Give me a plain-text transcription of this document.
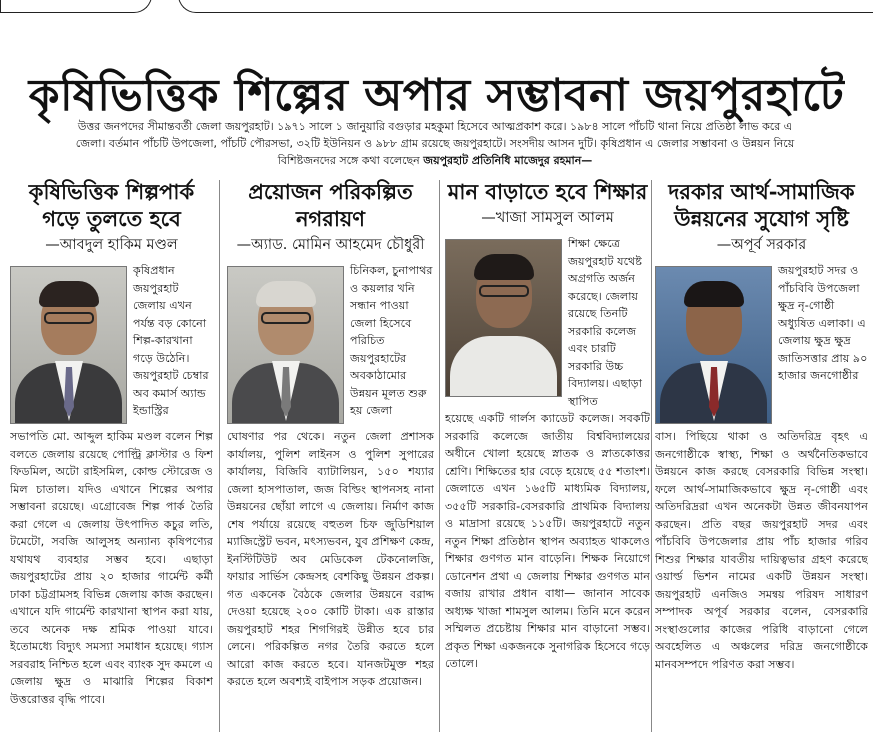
কৃষিভিত্তিক শিল্পের অপার সম্ভাবনা জয়পুরহাটে
উত্তর জনপদের সীমান্তবর্তী জেলা জয়পুরহাট। ১৯৭১ সালে ১ জানুয়ারি বগুড়ার মহকুমা হিসেবে আত্মপ্রকাশ করে। ১৯৮৪ সালে পাঁচটি থানা নিয়ে প্রতিষ্ঠা লাভ করে এ জেলা। বর্তমান পাঁচটি উপজেলা, পাঁচটি পৌরসভা, ৩২টি ইউনিয়ন ও ৯৮৮ গ্রাম রয়েছে জয়পুরহাটে। সংসদীয় আসন দুটি। কৃষিপ্রধান এ জেলার সম্ভাবনা ও উন্নয়ন নিয়ে বিশিষ্টজনদের সঙ্গে কথা বলেছেন জয়পুরহাট প্রতিনিধি মাজেদুর রহমান—
কৃষিভিত্তিক শিল্পপার্ক গড়ে তুলতে হবে

—আবদুল হাকিম মণ্ডল

কৃষিপ্রধান জয়পুরহাট জেলায় এখন পর্যন্ত বড় কোনো শিল্প-কারখানা গড়ে উঠেনি। জয়পুরহাট চেম্বার অব কমার্স অ্যান্ড ইন্ডাস্ট্রির

সভাপতি মো. আব্দুল হাকিম মণ্ডল বলেন শিল্প বলতে জেলায় রয়েছে পোল্ট্রি ক্লাস্টার ও ফিশ ফিডমিল, অটো রাইসমিল, কোল্ড স্টোরেজ ও মিল চাতাল। যদিও এখানে শিল্পের অপার সম্ভাবনা রয়েছে। এগ্রোবেজ শিল্প পার্ক তৈরি করা গেলে এ জেলায় উৎপাদিত কচুর লতি, টমেটো, সবজি আলুসহ অন্যান্য কৃষিপণ্যের যথাযথ ব্যবহার সম্ভব হবে। এছাড়া জয়পুরহাটের প্রায় ২০ হাজার গার্মেন্ট কর্মী ঢাকা চট্টগ্রামসহ বিভিন্ন জেলায় কাজ করছেন। এখানে যদি গার্মেন্ট কারখানা স্থাপন করা যায়, তবে অনেক দক্ষ শ্রমিক পাওয়া যাবে। ইতোমধ্যে বিদ্যুৎ সমস্যা সমাধান হয়েছে। গ্যাস সরবরাহ নিশ্চিত হলে এবং ব্যাংক সুদ কমলে এ জেলায় ক্ষুদ্র ও মাঝারি শিল্পের বিকাশ উত্তরোত্তর বৃদ্ধি পাবে।

প্রয়োজন পরিকল্পিত নগরায়ণ

—অ্যাড. মোমিন আহমেদ চৌধুরী

চিনিকল, চুনাপাথর ও কয়লার খনি সন্ধান পাওয়া জেলা হিসেবে পরিচিত জয়পুরহাটের অবকাঠামোর উন্নয়ন মূলত শুরু হয় জেলা

ঘোষণার পর থেকে। নতুন জেলা প্রশাসক কার্যালয়, পুলিশ লাইনস ও পুলিশ সুপারের কার্যালয়, বিজিবি ব্যাটালিয়ন, ১৫০ শয্যার জেলা হাসপাতাল, জজ বিল্ডিং স্থাপনসহ নানা উন্নয়নের ছোঁয়া লাগে এ জেলায়। নির্মাণ কাজ শেষ পর্যায়ে রয়েছে বহুতল চিফ জুডিশিয়াল ম্যাজিস্ট্রেট ভবন, মৎস্যভবন, যুব প্রশিক্ষণ কেন্দ্র, ইনস্টিটিউট অব মেডিকেল টেকনোলজি, ফায়ার সার্ভিস কেন্দ্রসহ বেশকিছু উন্নয়ন প্রকল্প। গত একনেক বৈঠকে জেলার উন্নয়নে বরাদ্দ দেওয়া হয়েছে ২০০ কোটি টাকা। এক রাস্তার জয়পুরহাট শহর শিগগিরই উন্নীত হবে চার লেনে। পরিকল্পিত নগর তৈরি করতে হলে আরো কাজ করতে হবে। যানজটমুক্ত শহর করতে হলে অবশ্যই বাইপাস সড়ক প্রয়োজন।

মান বাড়াতে হবে শিক্ষার

—খাজা সামসুল আলম

শিক্ষা ক্ষেত্রে জয়পুরহাট যথেষ্ট অগ্রগতি অর্জন করেছে। জেলায় রয়েছে তিনটি সরকারি কলেজ এবং চারটি সরকারি উচ্চ বিদ্যালয়। এছাড়া স্থাপিত

হয়েছে একটি গার্লস ক্যাডেট কলেজ। সবকটি সরকারি কলেজে জাতীয় বিশ্ববিদ্যালয়ের অধীনে খোলা হয়েছে স্নাতক ও স্নাতকোত্তর শ্রেণি। শিক্ষিতের হার বেড়ে হয়েছে ৫৫ শতাংশ। জেলাতে এখন ১৬৫টি মাধ্যমিক বিদ্যালয়, ৩৫৫টি সরকারি-বেসরকারি প্রাথমিক বিদ্যালয় ও মাদ্রাসা রয়েছে ১১৫টি। জয়পুরহাটে নতুন নতুন শিক্ষা প্রতিষ্ঠান স্থাপন অব্যাহত থাকলেও শিক্ষার গুণগত মান বাড়েনি। শিক্ষক নিয়োগে ডোনেশন প্রথা এ জেলায় শিক্ষার গুণগত মান বজায় রাখার প্রধান বাধা— জানান সাবেক অধ্যক্ষ খাজা শামসুল আলম। তিনি মনে করেন সম্মিলত প্রচেষ্টায় শিক্ষার মান বাড়ানো সম্ভব। প্রকৃত শিক্ষা একজনকে সুনাগরিক হিসেবে গড়ে তোলে।

দরকার আর্থ-সামাজিক উন্নয়নের সুযোগ সৃষ্টি

—অপূর্ব সরকার

জয়পুরহাট সদর ও পাঁচবিবি উপজেলা ক্ষুদ্র নৃ-গোষ্ঠী অধ্যুষিত এলাকা। এ জেলায় ক্ষুদ্র ক্ষুদ্র জাতিসত্তার প্রায় ৯০ হাজার জনগোষ্ঠীর

বাস। পিছিয়ে থাকা ও অতিদরিদ্র বৃহৎ এ জনগোষ্ঠীকে স্বাস্থ্য, শিক্ষা ও অর্থনৈতিকভাবে উন্নয়নে কাজ করছে বেসরকারি বিভিন্ন সংস্থা। ফলে আর্থ-সামাজিকভাবে ক্ষুদ্র নৃ-গোষ্ঠী এবং অতিদরিদ্ররা এখন অনেকটা উন্নত জীবনযাপন করছেন। প্রতি বছর জয়পুরহাট সদর এবং পাঁচবিবি উপজেলার প্রায় পাঁচ হাজার গরিব শিশুর শিক্ষার যাবতীয় দায়িত্বভার গ্রহণ করেছে ওয়ার্ল্ড ভিশন নামের একটি উন্নয়ন সংস্থা। জয়পুরহাট এনজিও সমন্বয় পরিষদ সাধারণ সম্পাদক অপূর্ব সরকার বলেন, বেসরকারি সংস্থাগুলোর কাজের পরিধি বাড়ানো গেলে অবহেলিত এ অঞ্চলের দরিদ্র জনগোষ্ঠীকে মানবসম্পদে পরিণত করা সম্ভব।
